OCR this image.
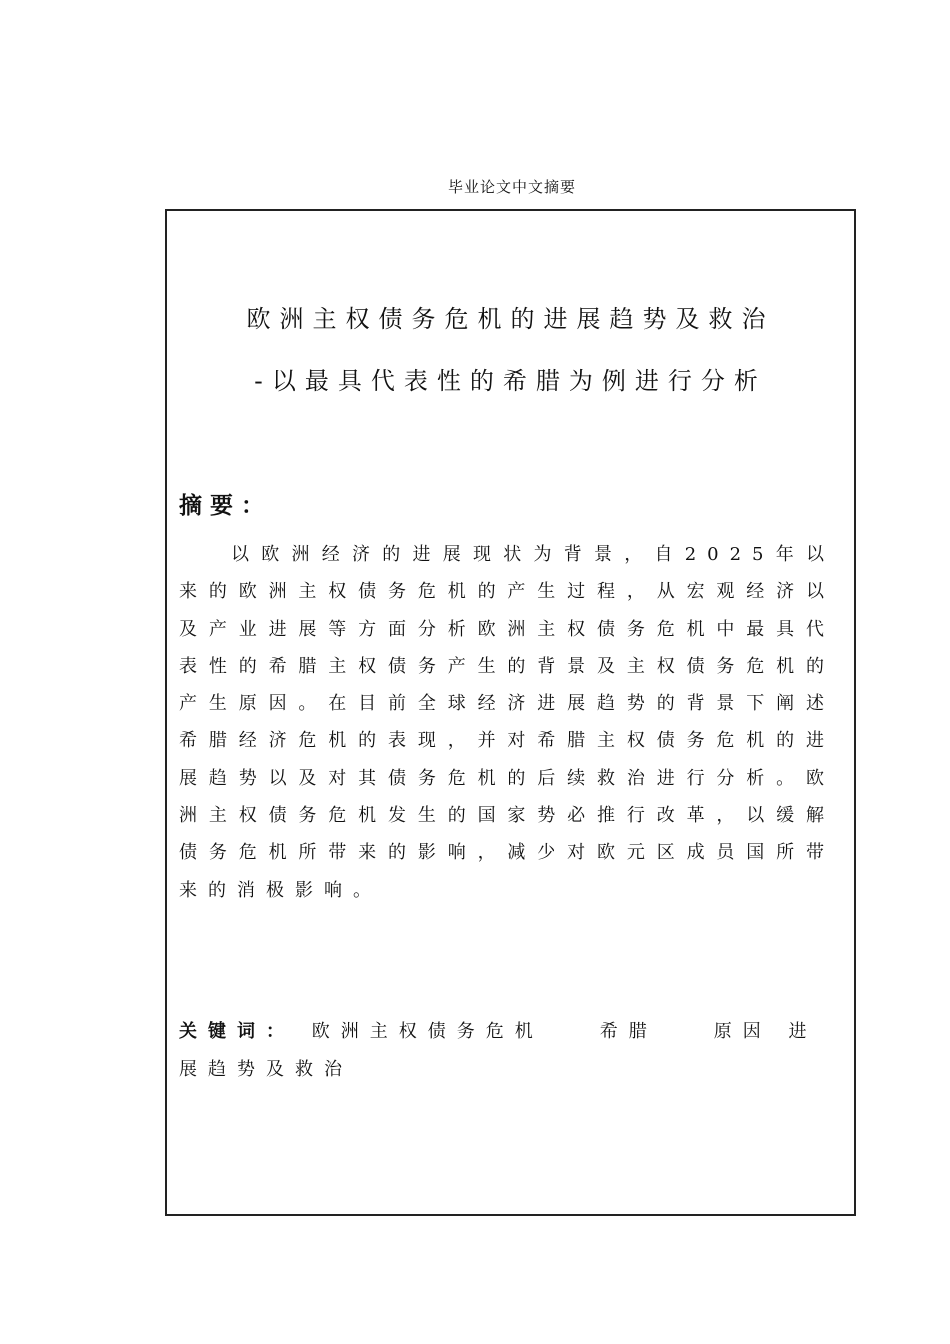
毕业论文中文摘要
欧洲主权债务危机的进展趋势及救治
-以最具代表性的希腊为例进行分析
摘要：

以欧洲经济的进展现状为背景，自2025年以来的欧洲主权债务危机的产生过程，从宏观经济以及产业进展等方面分析欧洲主权债务危机中最具代表性的希腊主权债务产生的背景及主权债务危机的产生原因。在目前全球经济进展趋势的背景下阐述希腊经济危机的表现，并对希腊主权债务危机的进展趋势以及对其债务危机的后续救治进行分析。欧洲主权债务危机发生的国家势必推行改革，以缓解债务危机所带来的影响，减少对欧元区成员国所带来的消极影响。

关键词： 欧洲主权债务危机	希腊	原因 进展趋势及救治
